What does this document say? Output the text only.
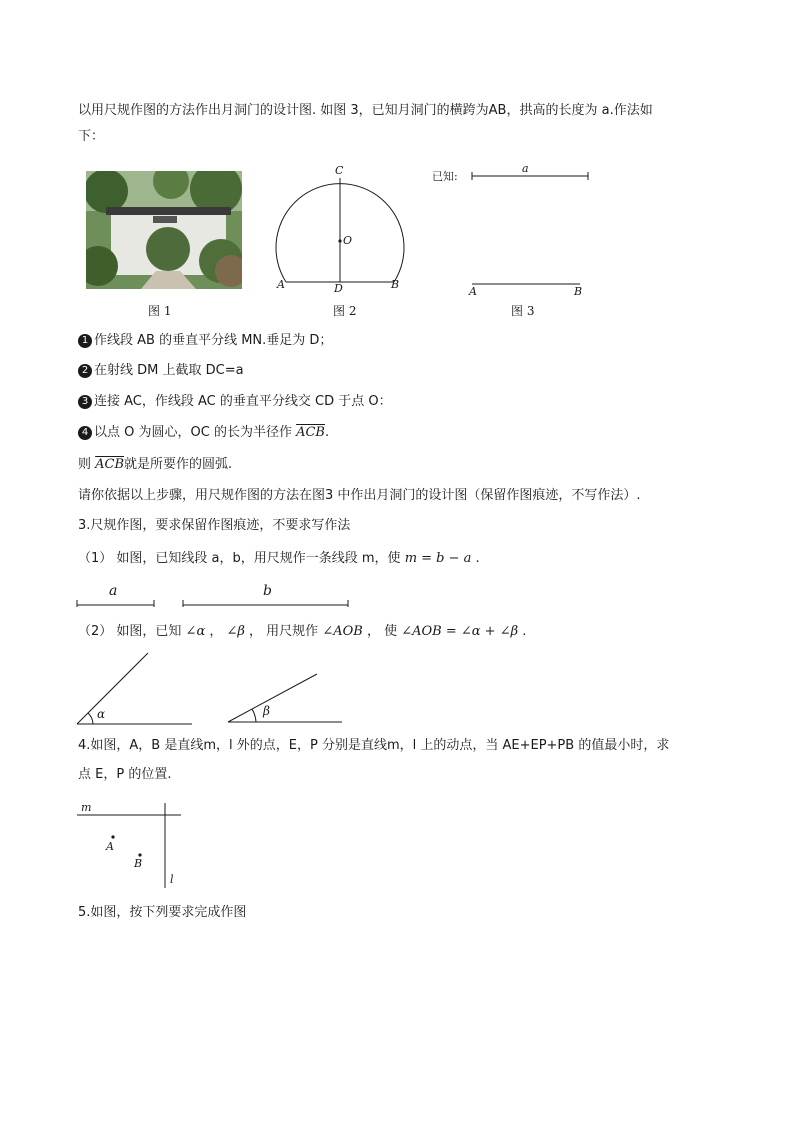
以用尺规作图的方法作出月洞门的设计图. 如图 3，已知月洞门的横跨为AB，拱高的长度为 a.作法如
下：
图 1
C
O
A	D	B
图 2
已知:
a
A	B
图 3
1 作线段 AB 的垂直平分线 MN.垂足为 D；
2 在射线 DM 上截取 DC=a
3 连接 AC，作线段 AC 的垂直平分线交 CD 于点 O：
4 以点 O 为圆心，OC 的长为半径作 $\overline{ACB}$.
则 $\overline{ACB}$就是所要作的圆弧.
请你依据以上步骤，用尺规作图的方法在图3 中作出月洞门的设计图（保留作图痕迹，不写作法）.
3.尺规作图，要求保留作图痕迹，不要求写作法
（1） 如图，已知线段 a，b，用尺规作一条线段 m，使 m = b − a .
a	b
（2） 如图，已知 ∠α ， ∠β ， 用尺规作 ∠AOB ， 使 ∠AOB = ∠α + ∠β .
α	β
4.如图，A，B 是直线m，l 外的点，E，P 分别是直线m，l 上的动点，当 AE+EP+PB 的值最小时，求
点 E，P 的位置.
m
A
B
l
5.如图，按下列要求完成作图
